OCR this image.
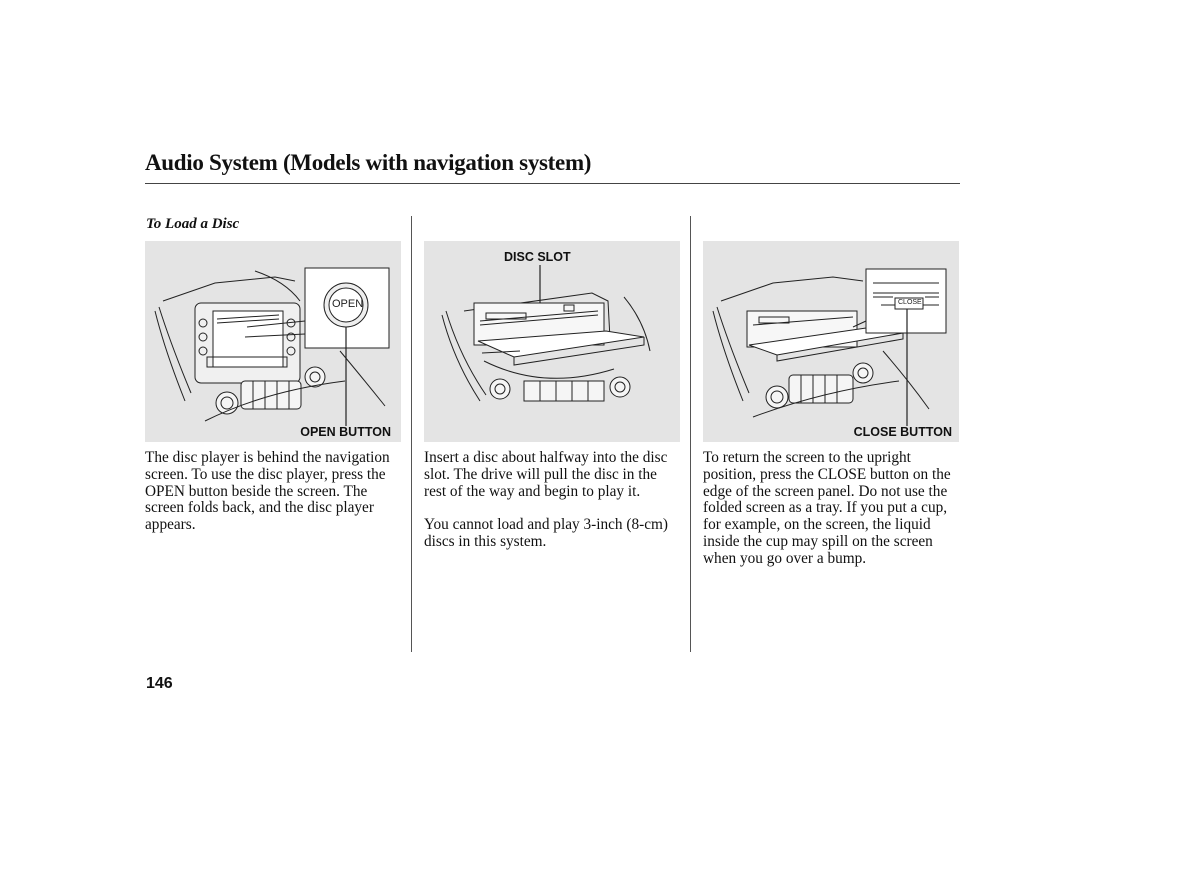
Audio System (Models with navigation system)
To Load a Disc
OPEN
OPEN BUTTON
DISC SLOT
CLOSE
CLOSE BUTTON

The disc player is behind the navigation screen. To use the disc player, press the OPEN button beside the screen. The screen folds back, and the disc player appears.

Insert a disc about halfway into the disc slot. The drive will pull the disc in the rest of the way and begin to play it.

You cannot load and play 3-inch (8-cm) discs in this system.

To return the screen to the upright position, press the CLOSE button on the edge of the screen panel. Do not use the folded screen as a tray. If you put a cup, for example, on the screen, the liquid inside the cup may spill on the screen when you go over a bump.

146
